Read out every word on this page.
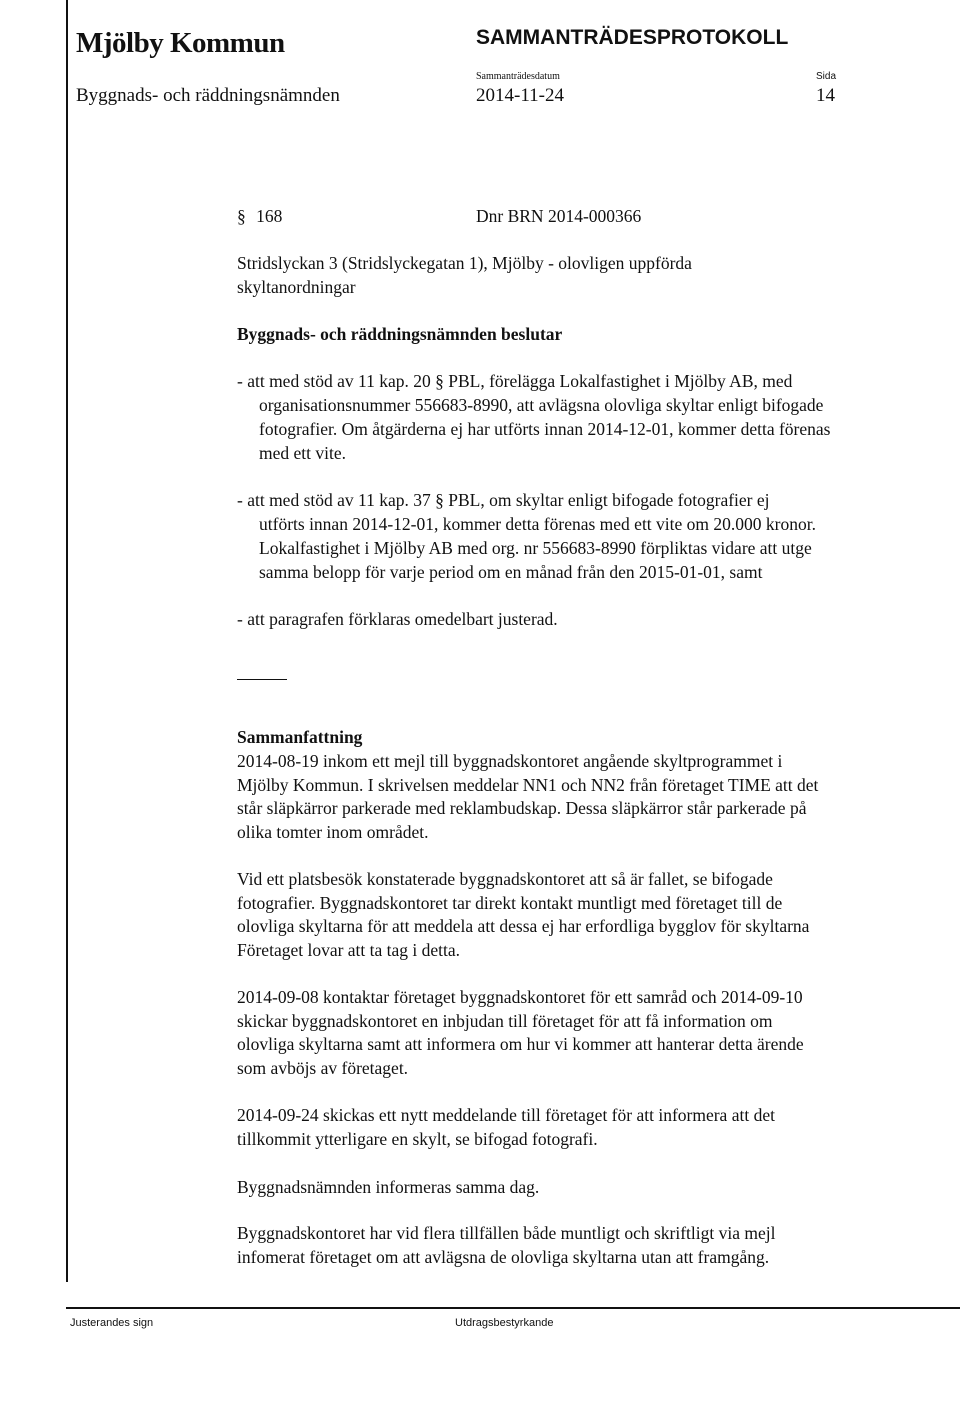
Mjölby Kommun	SAMMANTRÄDESPROTOKOLL
Sammanträdesdatum	Sida
Byggnads- och räddningsnämnden	2014-11-24	14
§ 168	Dnr BRN 2014-000366
Stridslyckan 3 (Stridslyckegatan 1), Mjölby - olovligen uppförda
skyltanordningar
Byggnads- och räddningsnämnden beslutar
- att med stöd av 11 kap. 20 § PBL, förelägga Lokalfastighet i Mjölby AB, med
organisationsnummer 556683-8990, att avlägsna olovliga skyltar enligt bifogade
fotografier. Om åtgärderna ej har utförts innan 2014-12-01, kommer detta förenas
med ett vite.
- att med stöd av 11 kap. 37 § PBL, om skyltar enligt bifogade fotografier ej
utförts innan 2014-12-01, kommer detta förenas med ett vite om 20.000 kronor.
Lokalfastighet i Mjölby AB med org. nr 556683-8990 förpliktas vidare att utge
samma belopp för varje period om en månad från den 2015-01-01, samt
- att paragrafen förklaras omedelbart justerad.
Sammanfattning
2014-08-19 inkom ett mejl till byggnadskontoret angående skyltprogrammet i
Mjölby Kommun. I skrivelsen meddelar NN1 och NN2 från företaget TIME att det
står släpkärror parkerade med reklambudskap. Dessa släpkärror står parkerade på
olika tomter inom området.
Vid ett platsbesök konstaterade byggnadskontoret att så är fallet, se bifogade
fotografier. Byggnadskontoret tar direkt kontakt muntligt med företaget till de
olovliga skyltarna för att meddela att dessa ej har erfordliga bygglov för skyltarna
Företaget lovar att ta tag i detta.
2014-09-08 kontaktar företaget byggnadskontoret för ett samråd och 2014-09-10
skickar byggnadskontoret en inbjudan till företaget för att få information om
olovliga skyltarna samt att informera om hur vi kommer att hanterar detta ärende
som avböjs av företaget.
2014-09-24 skickas ett nytt meddelande till företaget för att informera att det
tillkommit ytterligare en skylt, se bifogad fotografi.
Byggnadsnämnden informeras samma dag.
Byggnadskontoret har vid flera tillfällen både muntligt och skriftligt via mejl
infomerat företaget om att avlägsna de olovliga skyltarna utan att framgång.
Justerandes sign	Utdragsbestyrkande
